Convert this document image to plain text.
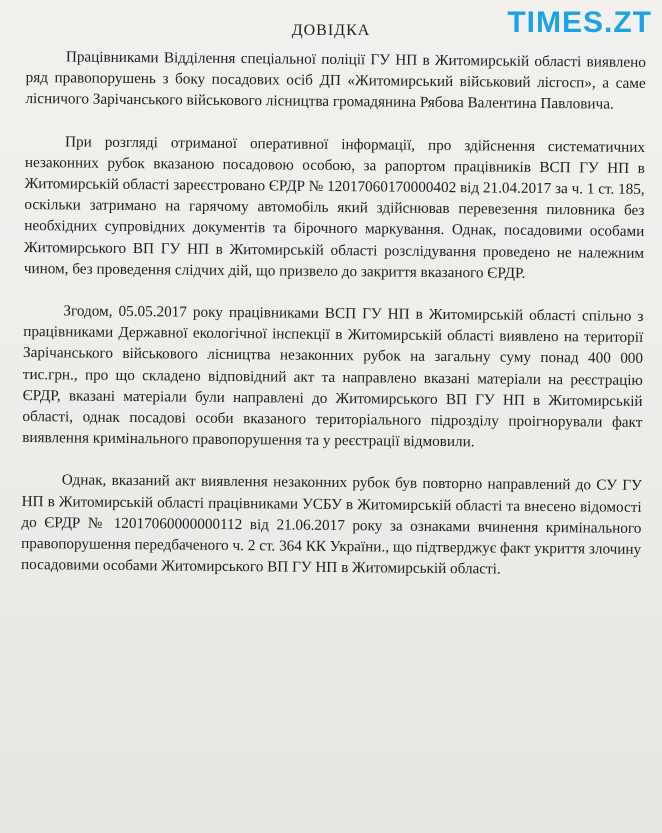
TIMES.ZT
ДОВІДКА

Працівниками Відділення спеціальної поліції ГУ НП в Житомирській області виявлено ряд правопорушень з боку посадових осіб ДП «Житомирський військовий лісгосп», а саме лісничого Зарічанського військового лісництва громадянина Рябова Валентина Павловича.

При розгляді отриманої оперативної інформації, про здійснення систематичних незаконних рубок вказаною посадовою особою, за рапортом працівників ВСП ГУ НП в Житомирській області зареєстровано ЄРДР № 12017060170000402 від 21.04.2017 за ч. 1 ст. 185, оскільки затримано на гарячому автомобіль який здійснював перевезення пиловника без необхідних супровідних документів та бірочного маркування. Однак, посадовими особами Житомирського ВП ГУ НП в Житомирській області розслідування проведено не належним чином, без проведення слідчих дій, що призвело до закриття вказаного ЄРДР.

Згодом, 05.05.2017 року працівниками ВСП ГУ НП в Житомирській області спільно з працівниками Державної екологічної інспекції в Житомирській області виявлено на території Зарічанського військового лісництва незаконних рубок на загальну суму понад 400 000 тис.грн., про що складено відповідний акт та направлено вказані матеріали на реєстрацію ЄРДР, вказані матеріали були направлені до Житомирського ВП ГУ НП в Житомирській області, однак посадові особи вказаного територіального підрозділу проігнорували факт виявлення кримінального правопорушення та у реєстрації відмовили.

Однак, вказаний акт виявлення незаконних рубок був повторно направлений до СУ ГУ НП в Житомирській області працівниками УСБУ в Житомирській області та внесено відомості до ЄРДР № 12017060000000112 від 21.06.2017 року за ознаками вчинення кримінального правопорушення передбаченого ч. 2 ст. 364 КК України., що підтверджує факт укриття злочину посадовими особами Житомирського ВП ГУ НП в Житомирській області.
